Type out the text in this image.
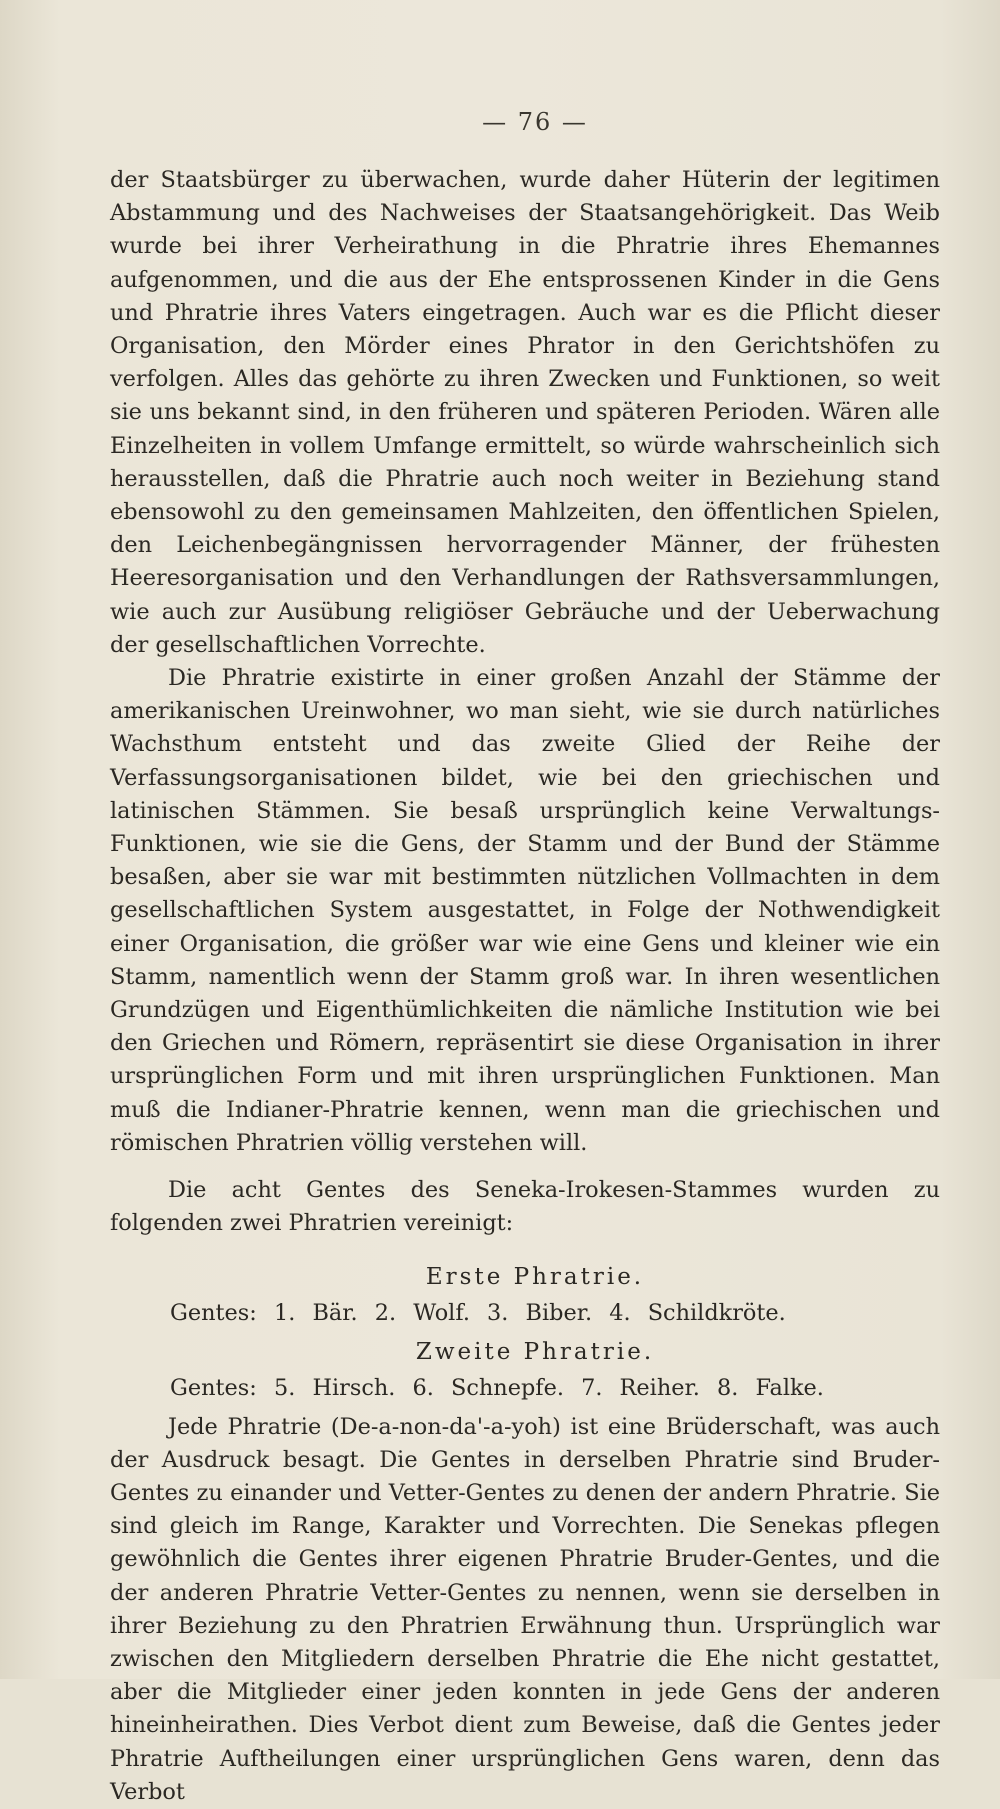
— 76 —

der Staatsbürger zu überwachen, wurde daher Hüterin der legitimen Abstammung und des Nachweises der Staatsangehörigkeit. Das Weib wurde bei ihrer Verheirathung in die Phratrie ihres Ehemannes aufgenommen, und die aus der Ehe entsprossenen Kinder in die Gens und Phratrie ihres Vaters eingetragen. Auch war es die Pflicht dieser Organisation, den Mörder eines Phrator in den Gerichtshöfen zu verfolgen. Alles das gehörte zu ihren Zwecken und Funktionen, so weit sie uns bekannt sind, in den früheren und späteren Perioden. Wären alle Einzelheiten in vollem Umfange ermittelt, so würde wahrscheinlich sich herausstellen, daß die Phratrie auch noch weiter in Beziehung stand ebensowohl zu den gemeinsamen Mahlzeiten, den öffentlichen Spielen, den Leichenbegängnissen hervorragender Männer, der frühesten Heeresorganisation und den Verhandlungen der Rathsversammlungen, wie auch zur Ausübung religiöser Gebräuche und der Ueberwachung der gesellschaftlichen Vorrechte.

Die Phratrie existirte in einer großen Anzahl der Stämme der amerikanischen Ureinwohner, wo man sieht, wie sie durch natürliches Wachsthum entsteht und das zweite Glied der Reihe der Verfassungsorganisationen bildet, wie bei den griechischen und latinischen Stämmen. Sie besaß ursprünglich keine Verwaltungs-Funktionen, wie sie die Gens, der Stamm und der Bund der Stämme besaßen, aber sie war mit bestimmten nützlichen Vollmachten in dem gesellschaftlichen System ausgestattet, in Folge der Nothwendigkeit einer Organisation, die größer war wie eine Gens und kleiner wie ein Stamm, namentlich wenn der Stamm groß war. In ihren wesentlichen Grundzügen und Eigenthümlichkeiten die nämliche Institution wie bei den Griechen und Römern, repräsentirt sie diese Organisation in ihrer ursprünglichen Form und mit ihren ursprünglichen Funktionen. Man muß die Indianer-Phratrie kennen, wenn man die griechischen und römischen Phratrien völlig verstehen will.

Die acht Gentes des Seneka-Irokesen-Stammes wurden zu folgenden zwei Phratrien vereinigt:

Erste Phratrie.

Gentes: 1. Bär. 2. Wolf. 3. Biber. 4. Schildkröte.

Zweite Phratrie.

Gentes: 5. Hirsch. 6. Schnepfe. 7. Reiher. 8. Falke.

Jede Phratrie (De-a-non-da'-a-yoh) ist eine Brüderschaft, was auch der Ausdruck besagt. Die Gentes in derselben Phratrie sind Bruder-Gentes zu einander und Vetter-Gentes zu denen der andern Phratrie. Sie sind gleich im Range, Karakter und Vorrechten. Die Senekas pflegen gewöhnlich die Gentes ihrer eigenen Phratrie Bruder-Gentes, und die der anderen Phratrie Vetter-Gentes zu nennen, wenn sie derselben in ihrer Beziehung zu den Phratrien Erwähnung thun. Ursprünglich war zwischen den Mitgliedern derselben Phratrie die Ehe nicht gestattet, aber die Mitglieder einer jeden konnten in jede Gens der anderen hineinheirathen. Dies Verbot dient zum Beweise, daß die Gentes jeder Phratrie Auftheilungen einer ursprünglichen Gens waren, denn das Verbot
